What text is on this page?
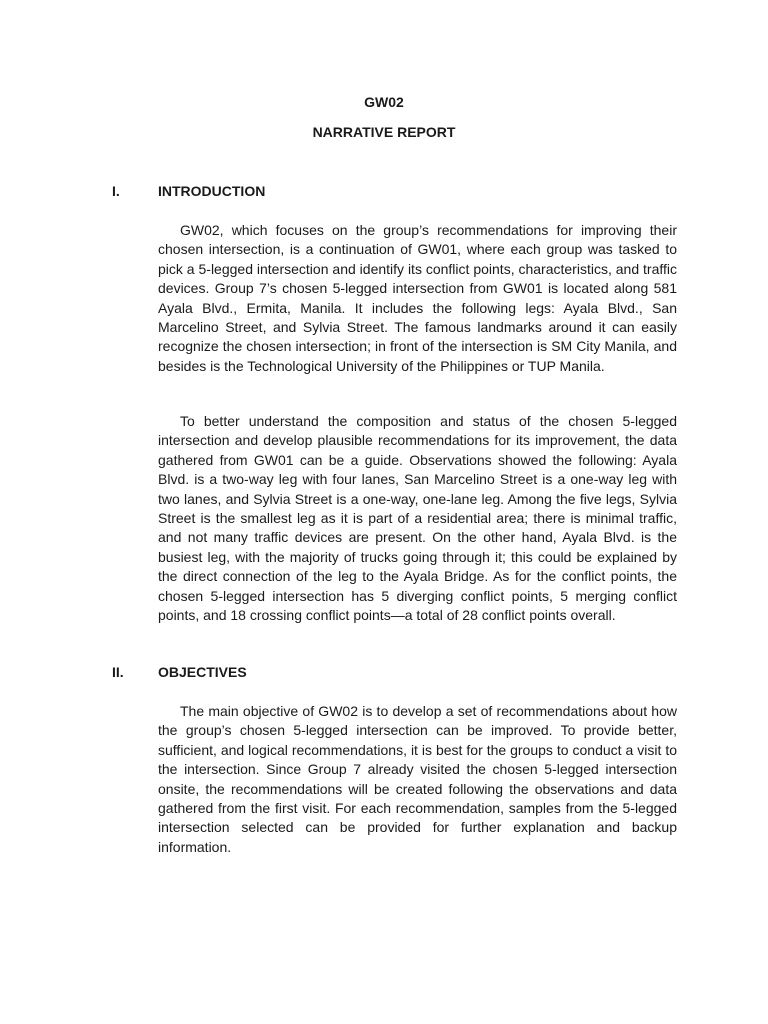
GW02
NARRATIVE REPORT
I.	INTRODUCTION

GW02, which focuses on the group’s recommendations for improving their chosen intersection, is a continuation of GW01, where each group was tasked to pick a 5-legged intersection and identify its conflict points, characteristics, and traffic devices. Group 7’s chosen 5-legged intersection from GW01 is located along 581 Ayala Blvd., Ermita, Manila. It includes the following legs: Ayala Blvd., San Marcelino Street, and Sylvia Street. The famous landmarks around it can easily recognize the chosen intersection; in front of the intersection is SM City Manila, and besides is the Technological University of the Philippines or TUP Manila.

To better understand the composition and status of the chosen 5-legged intersection and develop plausible recommendations for its improvement, the data gathered from GW01 can be a guide. Observations showed the following: Ayala Blvd. is a two-way leg with four lanes, San Marcelino Street is a one-way leg with two lanes, and Sylvia Street is a one-way, one-lane leg. Among the five legs, Sylvia Street is the smallest leg as it is part of a residential area; there is minimal traffic, and not many traffic devices are present. On the other hand, Ayala Blvd. is the busiest leg, with the majority of trucks going through it; this could be explained by the direct connection of the leg to the Ayala Bridge. As for the conflict points, the chosen 5-legged intersection has 5 diverging conflict points, 5 merging conflict points, and 18 crossing conflict points—a total of 28 conflict points overall.

II.	OBJECTIVES

The main objective of GW02 is to develop a set of recommendations about how the group’s chosen 5-legged intersection can be improved. To provide better, sufficient, and logical recommendations, it is best for the groups to conduct a visit to the intersection. Since Group 7 already visited the chosen 5-legged intersection onsite, the recommendations will be created following the observations and data gathered from the first visit. For each recommendation, samples from the 5-legged intersection selected can be provided for further explanation and backup information.
